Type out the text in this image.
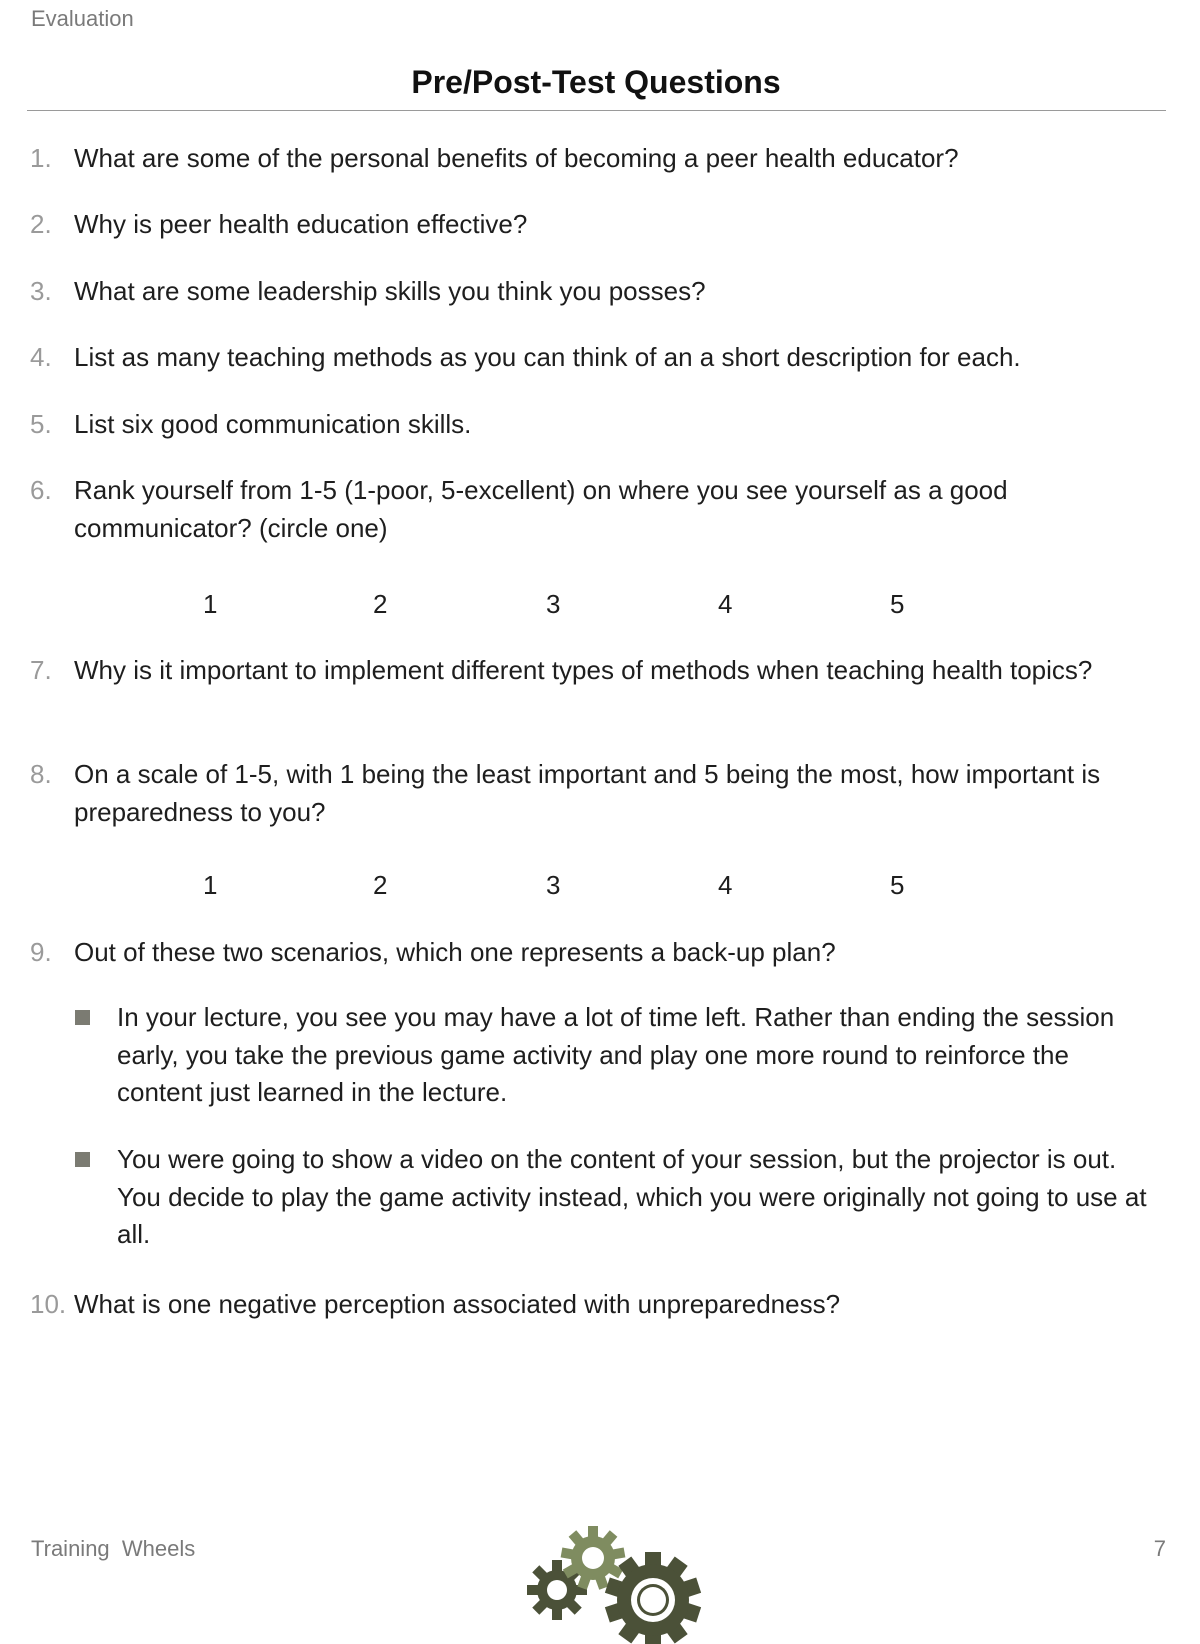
Evaluation
Pre/Post-Test Questions
1. What are some of the personal benefits of becoming a peer health educator?
2. Why is peer health education effective?
3. What are some leadership skills you think you posses?
4. List as many teaching methods as you can think of an a short description for each.
5. List six good communication skills.
6. Rank yourself from 1-5 (1-poor, 5-excellent) on where you see yourself as a good communicator? (circle one)
1	2	3	4	5
7. Why is it important to implement different types of methods when teaching health topics?
8. On a scale of 1-5, with 1 being the least important and 5 being the most, how important is preparedness to you?
1	2	3	4	5
9. Out of these two scenarios, which one represents a back-up plan?
In your lecture, you see you may have a lot of time left. Rather than ending the session early, you take the previous game activity and play one more round to reinforce the content just learned in the lecture.
You were going to show a video on the content of your session, but the projector is out. You decide to play the game activity instead, which you were originally not going to use at all.
10. What is one negative perception associated with unpreparedness?
Training  Wheels	7
